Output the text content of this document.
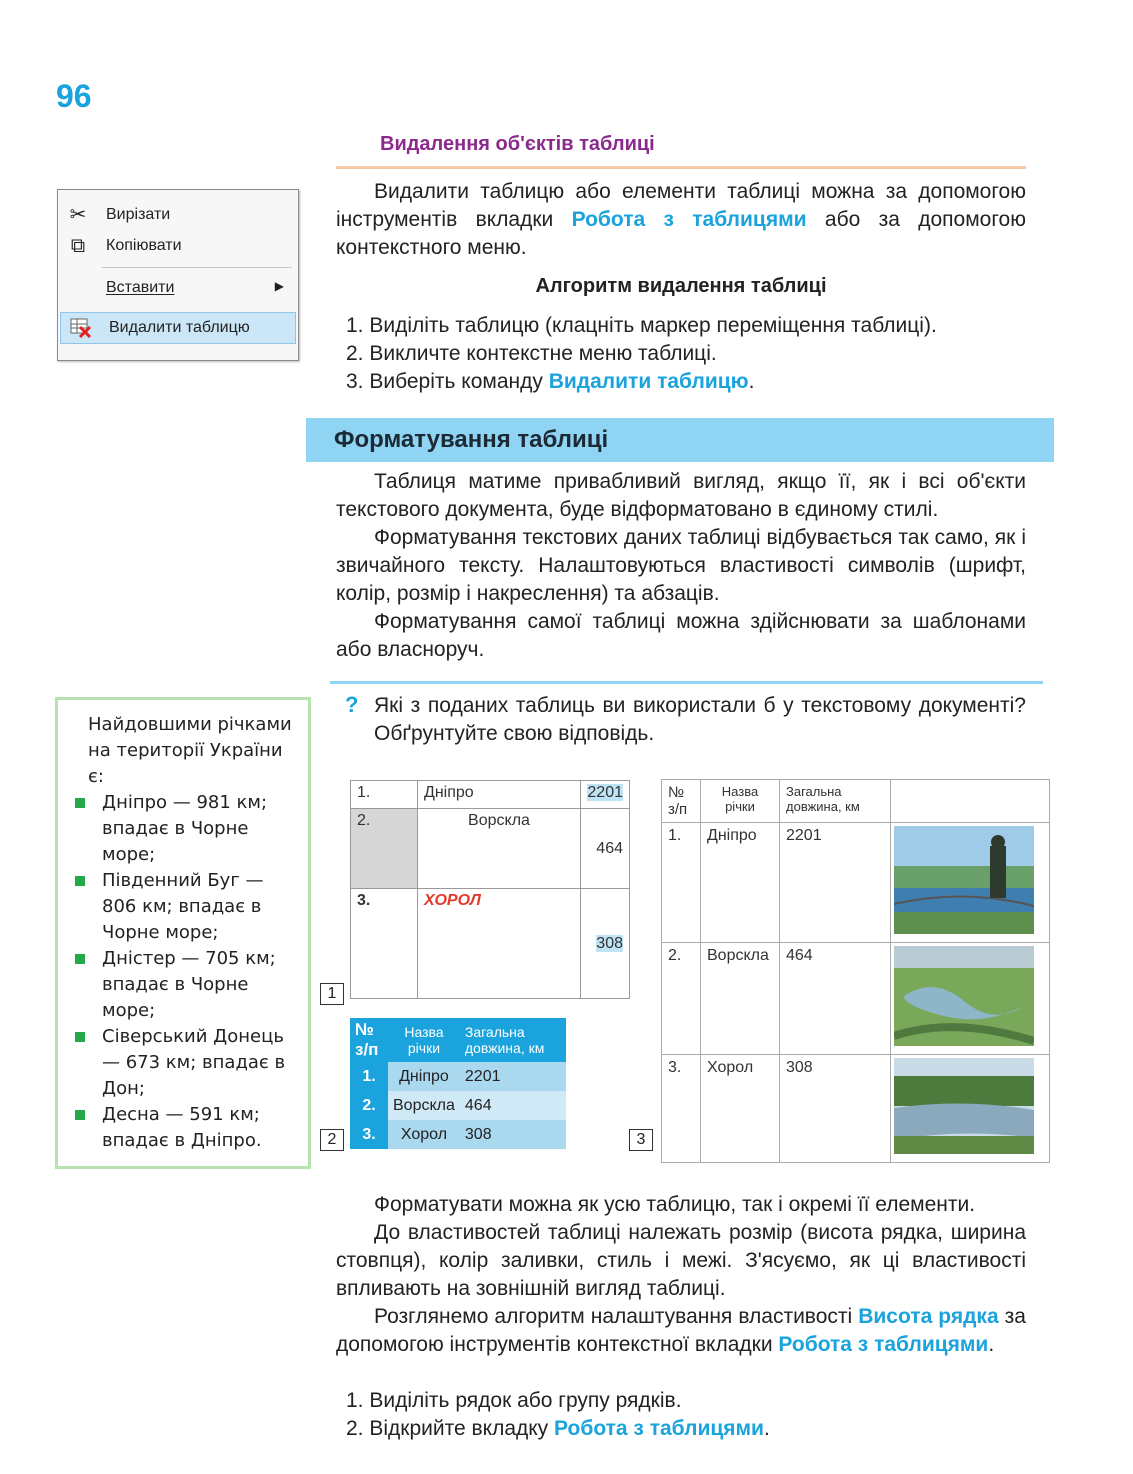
96
Видалення об'єктів таблиці
Видалити таблицю або елементи таблиці можна за допомогою інструментів вкладки Робота з таблицями або за допомогою контекстного меню.
✂ Вирізати
⧉	Копіювати
Вставити	▶
Видалити таблицю
Алгоритм видалення таблиці
1. Виділіть таблицю (клацніть маркер переміщення таблиці).
2. Викличте контекстне меню таблиці.
3. Виберіть команду Видалити таблицю.
Форматування таблиці
Таблиця матиме привабливий вигляд, якщо її, як і всі об'єкти текстового документа, буде відформатовано в єдиному стилі.
Форматування текстових даних таблиці відбувається так само, як і звичайного тексту. Налаштовуються властивості символів (шрифт, колір, розмір і накреслення) та абзаців.
Форматування самої таблиці можна здійснювати за шаблонами або власноруч.
Найдовшими річками на території України є:
Дніпро — 981 км; впадає в Чорне море;
Південний Буг — 806 км; впадає в Чорне море;
Дністер — 705 км; впадає в Чорне море;
Сіверський Донець — 673 км; впадає в Дон;
Десна — 591 км; впадає в Дніпро.
? Які з поданих таблиць ви використали б у текстовому документі? Обґрунтуйте свою відповідь.
1.	Дніпро	2201
2.	Ворскла	464
3.	ХОРОЛ	308
1
№ з/п	Назва річки	Загальна довжина, км
1.	Дніпро	2201
2.	Ворскла	464
3.	Хорол	308
2
№ з/п	Назва річки	Загальна довжина, км	
1.	Дніпро	2201	
2.	Ворскла	464	
3.	Хорол	308	
3
Форматувати можна як усю таблицю, так і окремі її елементи.
До властивостей таблиці належать розмір (висота рядка, ширина стовпця), колір заливки, стиль і межі. З'ясуємо, як ці властивості впливають на зовнішній вигляд таблиці.
Розглянемо алгоритм налаштування властивості Висота рядка за допомогою інструментів контекстної вкладки Робота з таблицями.
1. Виділіть рядок або групу рядків.
2. Відкрийте вкладку Робота з таблицями.
